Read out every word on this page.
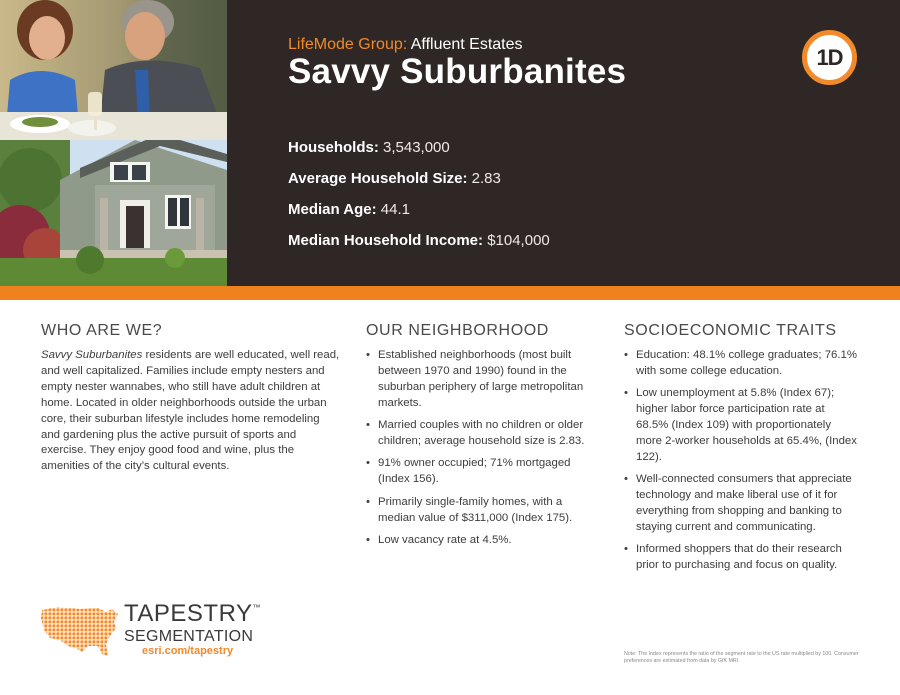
LifeMode Group: Affluent Estates
Savvy Suburbanites	1D
Households: 3,543,000
Average Household Size: 2.83
Median Age: 44.1
Median Household Income: $104,000
WHO ARE WE?

Savvy Suburbanites residents are well educated, well read, and well capitalized. Families include empty nesters and empty nester wannabes, who still have adult children at home. Located in older neighborhoods outside the urban core, their suburban lifestyle includes home remodeling and gardening plus the active pursuit of sports and exercise. They enjoy good food and wine, plus the amenities of the city’s cultural events.

OUR NEIGHBORHOOD
• Established neighborhoods (most built between 1970 and 1990) found in the suburban periphery of large metropolitan markets.
• Married couples with no children or older children; average household size is 2.83.
• 91% owner occupied; 71% mortgaged (Index 156).
• Primarily single-family homes, with a median value of $311,000 (Index 175).
• Low vacancy rate at 4.5%.
SOCIOECONOMIC TRAITS
• Education: 48.1% college graduates; 76.1% with some college education.
• Low unemployment at 5.8% (Index 67); higher labor force participation rate at 68.5% (Index 109) with proportionately more 2-worker households at 65.4%, (Index 122).
• Well-connected consumers that appreciate technology and make liberal use of it for everything from shopping and banking to staying current and communicating.
• Informed shoppers that do their research prior to purchasing and focus on quality.
TAPESTRY™
SEGMENTATION
esri.com/tapestry	Note: The Index represents the ratio of the segment rate to the US rate multiplied by 100. Consumer preferences are estimated from data by GfK MRI.
